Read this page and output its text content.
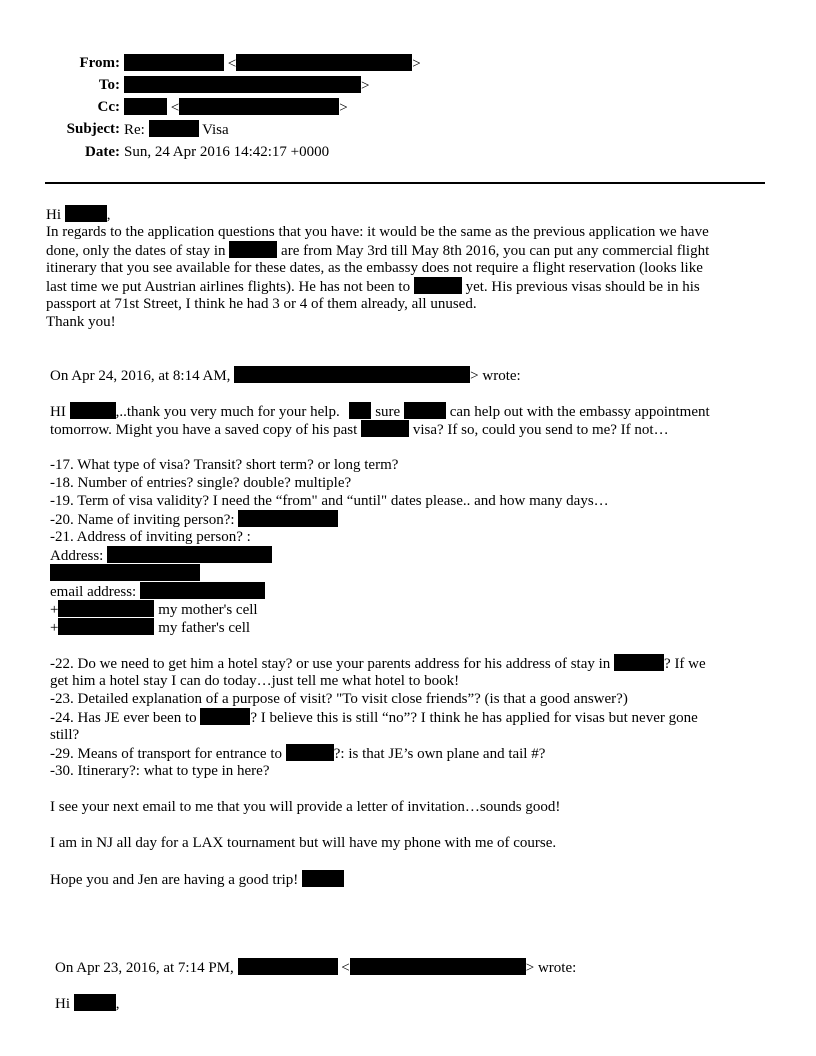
From:	<	>
To:	>
Cc:	<	>
Subject: Re:	Visa
Date: Sun, 24 Apr 2016 14:42:17 +0000
Hi	,
In regards to the application questions that you have: it would be the same as the previous application we have
done, only the dates of stay in	are from May 3rd till May 8th 2016, you can put any commercial flight
itinerary that you see available for these dates, as the embassy does not require a flight reservation (looks like
last time we put Austrian airlines flights). He has not been to	yet. His previous visas should be in his
passport at 71st Street, I think he had 3 or 4 of them already, all unused.
Thank you!
On Apr 24, 2016, at 8:14 AM,	> wrote:
HI	,..thank you very much for your help. sure	can help out with the embassy appointment
tomorrow. Might you have a saved copy of his past	visa? If so, could you send to me? If not…
-17. What type of visa? Transit? short term? or long term?
-18. Number of entries? single? double? multiple?
-19. Term of visa validity? I need the “from" and “until" dates please.. and how many days…
-20. Name of inviting person?:
-21. Address of inviting person? :
Address:
email address:
+	my mother's cell
+	my father's cell
-22. Do we need to get him a hotel stay? or use your parents address for his address of stay in	? If we
get him a hotel stay I can do today…just tell me what hotel to book!
-23. Detailed explanation of a purpose of visit? "To visit close friends”? (is that a good answer?)
-24. Has JE ever been to	? I believe this is still “no”? I think he has applied for visas but never gone
still?
-29. Means of transport for entrance to	?: is that JE’s own plane and tail #?
-30. Itinerary?: what to type in here?
I see your next email to me that you will provide a letter of invitation…sounds good!
I am in NJ all day for a LAX tournament but will have my phone with me of course.
Hope you and Jen are having a good trip!
On Apr 23, 2016, at 7:14 PM,	<	> wrote:
Hi	,
